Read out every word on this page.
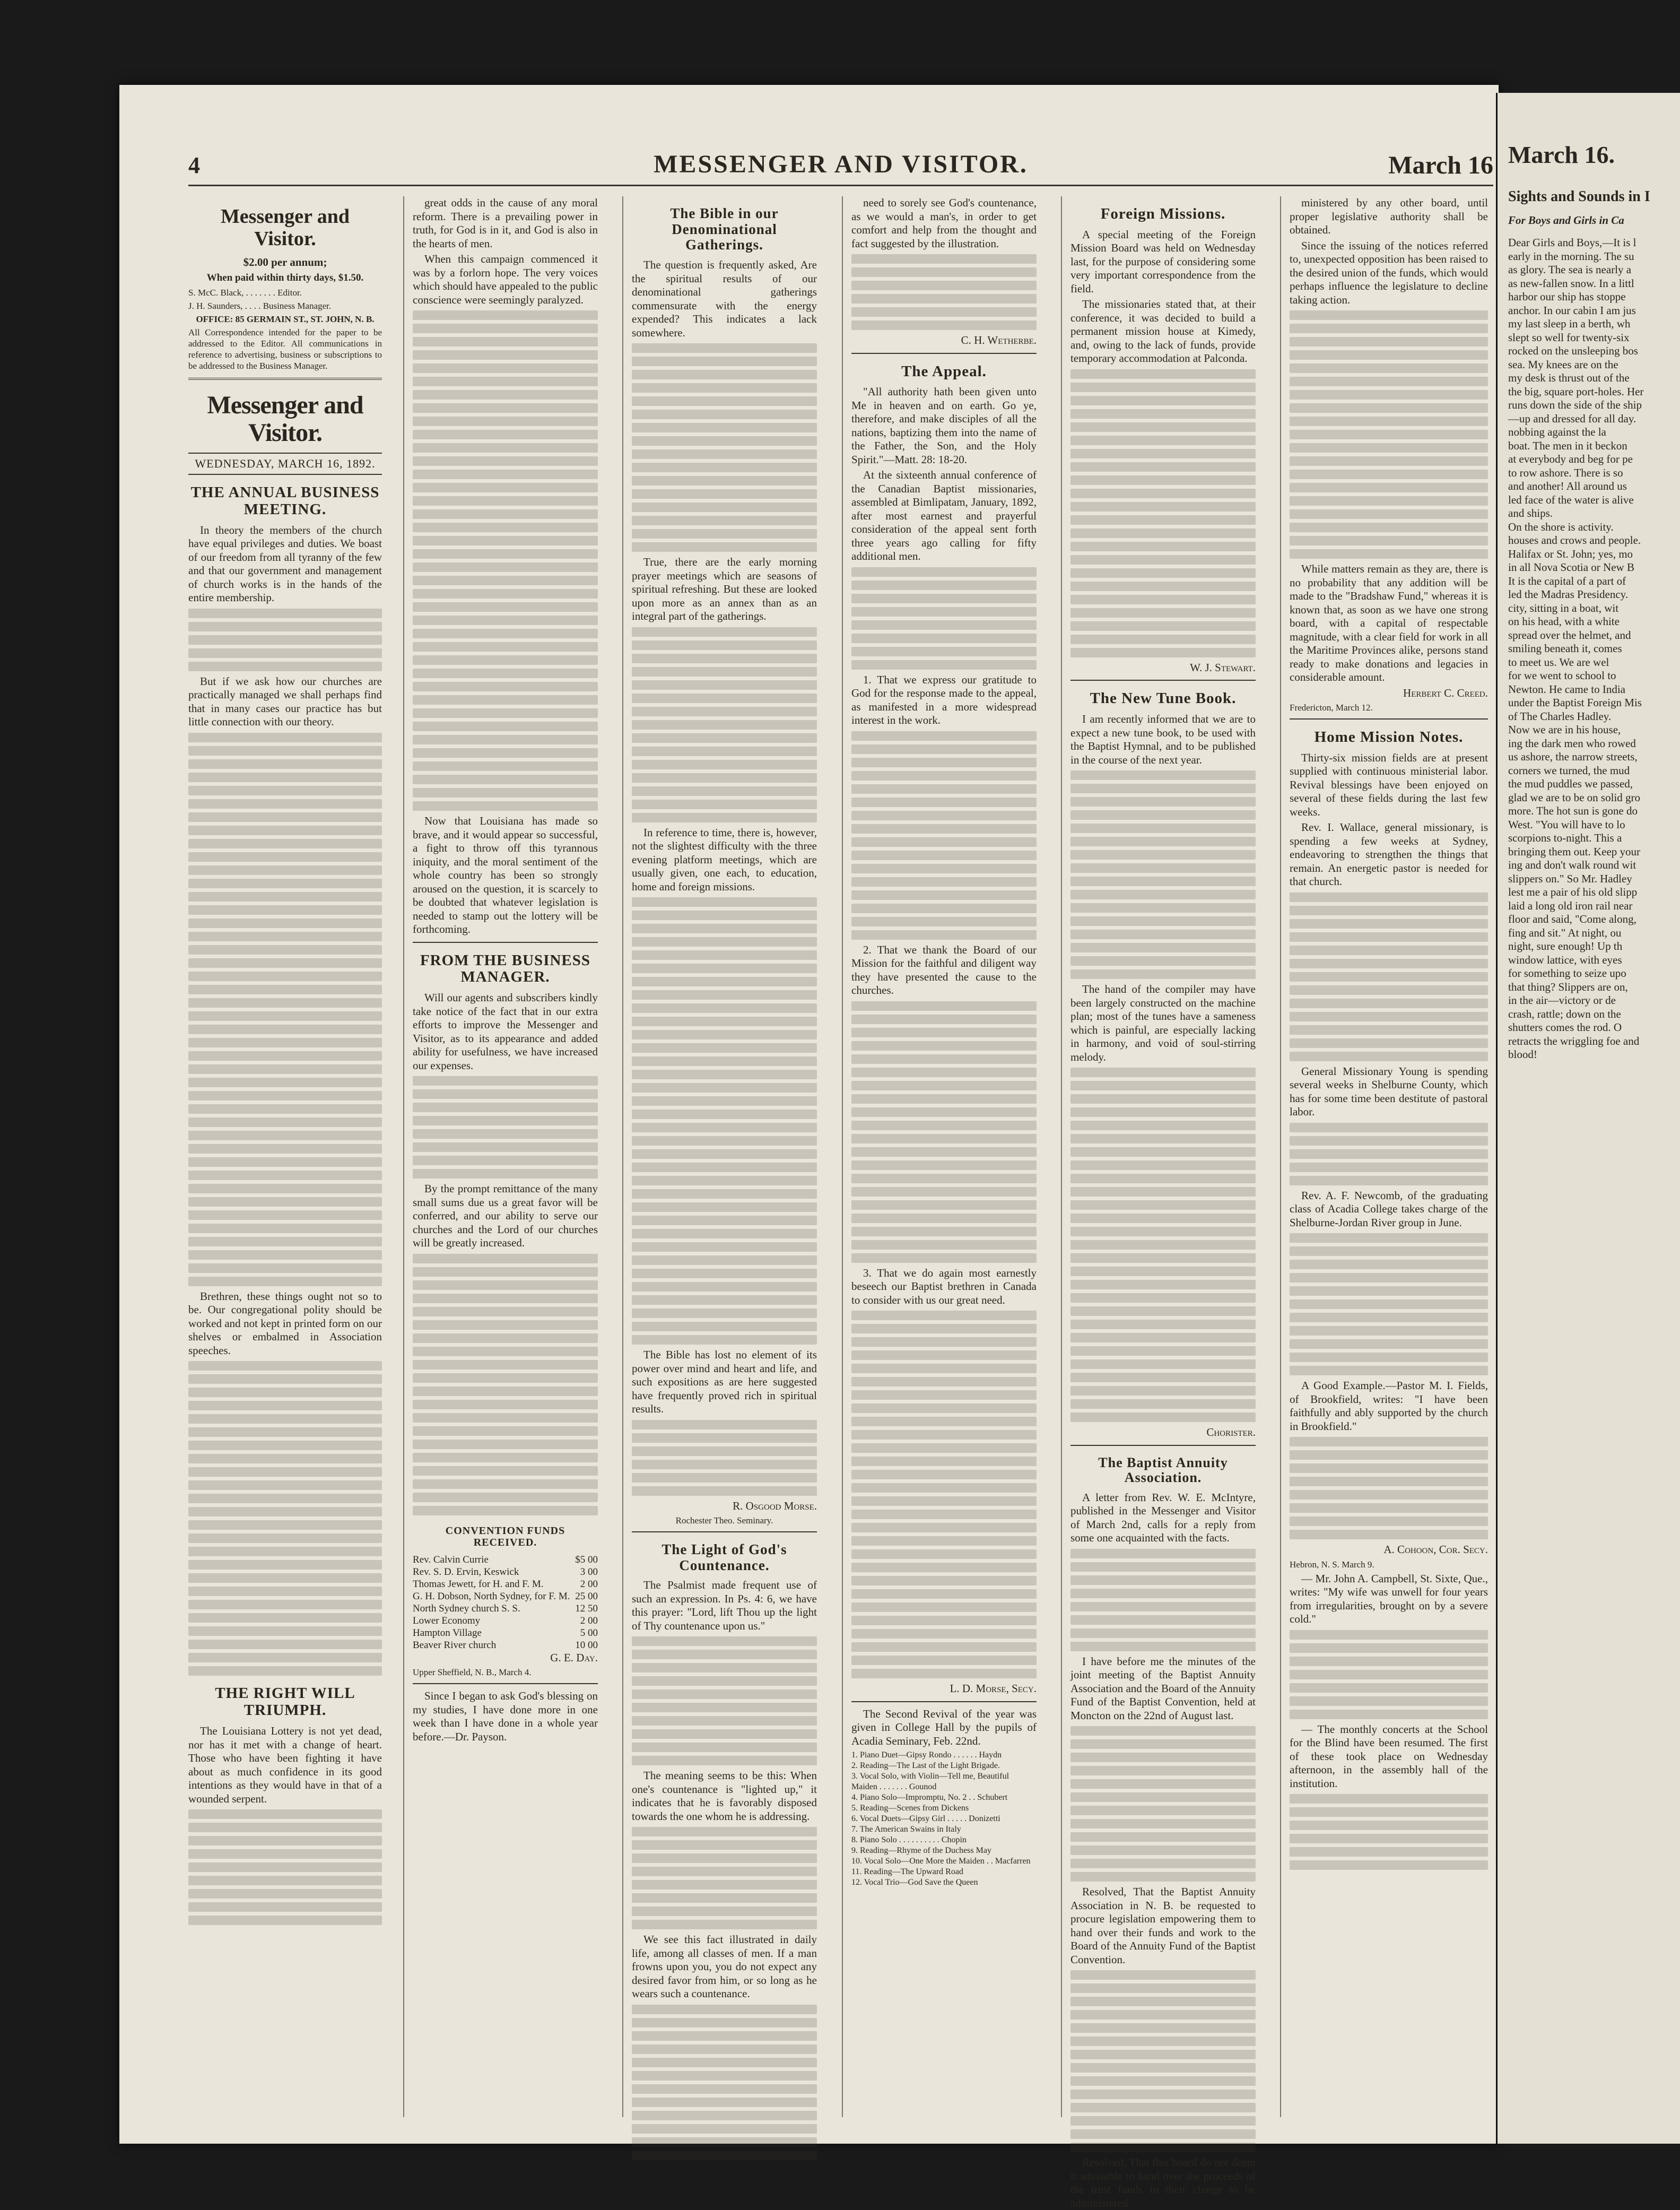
March 16.
Sights and Sounds in I
For Boys and Girls in Ca
Dear Girls and Boys,—It is l
early in the morning. The su
as glory. The sea is nearly a
as new-fallen snow. In a littl
harbor our ship has stoppe
anchor. In our cabin I am jus
my last sleep in a berth, wh
slept so well for twenty-six
rocked on the unsleeping bos
sea. My knees are on the
my desk is thrust out of the
the big, square port-holes. Her
runs down the side of the ship
—up and dressed for all day.
nobbing against the la
boat. The men in it beckon
at everybody and beg for pe
to row ashore. There is so
and another! All around us
led face of the water is alive
and ships.
On the shore is activity.
houses and crows and people.
Halifax or St. John; yes, mo
in all Nova Scotia or New B
It is the capital of a part of
led the Madras Presidency.
city, sitting in a boat, wit
on his head, with a white
spread over the helmet, and
smiling beneath it, comes
to meet us. We are wel
for we went to school to
Newton. He came to India
under the Baptist Foreign Mis
of The Charles Hadley.
Now we are in his house,
ing the dark men who rowed
us ashore, the narrow streets,
corners we turned, the mud
the mud puddles we passed,
glad we are to be on solid gro
more. The hot sun is gone do
West. "You will have to lo
scorpions to-night. This a
bringing them out. Keep your
ing and don't walk round wit
slippers on." So Mr. Hadley
lest me a pair of his old slipp
laid a long old iron rail near
floor and said, "Come along,
fing and sit." At night, ou
night, sure enough! Up th
window lattice, with eyes
for something to seize upo
that thing? Slippers are on,
in the air—victory or de
crash, rattle; down on the
shutters comes the rod. O
retracts the wriggling foe and
blood!
4	MESSENGER AND VISITOR.	March 16
Messenger and Visitor.

$2.00 per annum;

When paid within thirty days, $1.50.

S. McC. Black, . . . . . . . Editor.

J. H. Saunders, . . . . Business Manager.

OFFICE: 85 GERMAIN ST., ST. JOHN, N. B.

All Correspondence intended for the paper to be addressed to the Editor. All communications in reference to advertising, business or subscriptions to be addressed to the Business Manager.

Messenger and Visitor.
WEDNESDAY, MARCH 16, 1892.
THE ANNUAL BUSINESS MEETING.

In theory the members of the church have equal privileges and duties. We boast of our freedom from all tyranny of the few and that our government and management of church works is in the hands of the entire membership.

But if we ask how our churches are practically managed we shall perhaps find that in many cases our practice has but little connection with our theory.

Brethren, these things ought not so to be. Our congregational polity should be worked and not kept in printed form on our shelves or embalmed in Association speeches.

THE RIGHT WILL TRIUMPH.

The Louisiana Lottery is not yet dead, nor has it met with a change of heart. Those who have been fighting it have about as much confidence in its good intentions as they would have in that of a wounded serpent.

great odds in the cause of any moral reform. There is a prevailing power in truth, for God is in it, and God is also in the hearts of men.

When this campaign commenced it was by a forlorn hope. The very voices which should have appealed to the public conscience were seemingly paralyzed.

Now that Louisiana has made so brave, and it would appear so successful, a fight to throw off this tyrannous iniquity, and the moral sentiment of the whole country has been so strongly aroused on the question, it is scarcely to be doubted that whatever legislation is needed to stamp out the lottery will be forthcoming.

FROM THE BUSINESS MANAGER.

Will our agents and subscribers kindly take notice of the fact that in our extra efforts to improve the Messenger and Visitor, as to its appearance and added ability for usefulness, we have increased our expenses.

By the prompt remittance of the many small sums due us a great favor will be conferred, and our ability to serve our churches and the Lord of our churches will be greatly increased.

CONVENTION FUNDS RECEIVED.
Rev. Calvin Currie	$5 00
Rev. S. D. Ervin, Keswick	3 00
Thomas Jewett, for H. and F. M.	2 00
G. H. Dobson, North Sydney, for F. M. 25 00
North Sydney church S. S.	12 50
Lower Economy	2 00
Hampton Village	5 00
Beaver River church	10 00

G. E. Day.

Upper Sheffield, N. B., March 4.

Since I began to ask God's blessing on my studies, I have done more in one week than I have done in a whole year before.—Dr. Payson.

The Bible in our Denominational Gatherings.

The question is frequently asked, Are the spiritual results of our denominational gatherings commensurate with the energy expended? This indicates a lack somewhere.

True, there are the early morning prayer meetings which are seasons of spiritual refreshing. But these are looked upon more as an annex than as an integral part of the gatherings.

In reference to time, there is, however, not the slightest difficulty with the three evening platform meetings, which are usually given, one each, to education, home and foreign missions.

The Bible has lost no element of its power over mind and heart and life, and such expositions as are here suggested have frequently proved rich in spiritual results.

R. Osgood Morse.

Rochester Theo. Seminary.

The Light of God's Countenance.

The Psalmist made frequent use of such an expression. In Ps. 4: 6, we have this prayer: "Lord, lift Thou up the light of Thy countenance upon us."

The meaning seems to be this: When one's countenance is "lighted up," it indicates that he is favorably disposed towards the one whom he is addressing.

We see this fact illustrated in daily life, among all classes of men. If a man frowns upon you, you do not expect any desired favor from him, or so long as he wears such a countenance.

need to sorely see God's countenance, as we would a man's, in order to get comfort and help from the thought and fact suggested by the illustration.

C. H. Wetherbe.

The Appeal.

"All authority hath been given unto Me in heaven and on earth. Go ye, therefore, and make disciples of all the nations, baptizing them into the name of the Father, the Son, and the Holy Spirit."—Matt. 28: 18-20.

At the sixteenth annual conference of the Canadian Baptist missionaries, assembled at Bimlipatam, January, 1892, after most earnest and prayerful consideration of the appeal sent forth three years ago calling for fifty additional men.

1. That we express our gratitude to God for the response made to the appeal, as manifested in a more widespread interest in the work.

2. That we thank the Board of our Mission for the faithful and diligent way they have presented the cause to the churches.

3. That we do again most earnestly beseech our Baptist brethren in Canada to consider with us our great need.

L. D. Morse, Secy.

The Second Revival of the year was given in College Hall by the pupils of Acadia Seminary, Feb. 22nd.

1. Piano Duet—Gipsy Rondo . . . . . . Haydn
2. Reading—The Last of the Light Brigade.
3. Vocal Solo, with Violin—Tell me, Beautiful Maiden . . . . . . . Gounod
4. Piano Solo—Impromptu, No. 2 . . Schubert
5. Reading—Scenes from Dickens
6. Vocal Duets—Gipsy Girl . . . . . Donizetti
7. The American Swains in Italy
8. Piano Solo . . . . . . . . . . Chopin
9. Reading—Rhyme of the Duchess May
10. Vocal Solo—One More the Maiden . . Macfarren
11. Reading—The Upward Road
12. Vocal Trio—God Save the Queen
Foreign Missions.

A special meeting of the Foreign Mission Board was held on Wednesday last, for the purpose of considering some very important correspondence from the field.

The missionaries stated that, at their conference, it was decided to build a permanent mission house at Kimedy, and, owing to the lack of funds, provide temporary accommodation at Palconda.

W. J. Stewart.

The New Tune Book.

I am recently informed that we are to expect a new tune book, to be used with the Baptist Hymnal, and to be published in the course of the next year.

The hand of the compiler may have been largely constructed on the machine plan; most of the tunes have a sameness which is painful, are especially lacking in harmony, and void of soul-stirring melody.

Chorister.

The Baptist Annuity Association.

A letter from Rev. W. E. McIntyre, published in the Messenger and Visitor of March 2nd, calls for a reply from some one acquainted with the facts.

I have before me the minutes of the joint meeting of the Baptist Annuity Association and the Board of the Annuity Fund of the Baptist Convention, held at Moncton on the 22nd of August last.

Resolved, That the Baptist Annuity Association in N. B. be requested to procure legislation empowering them to hand over their funds and work to the Board of the Annuity Fund of the Baptist Convention.

Resolved, That this board do not deem it advisable to hand over the proceeds of the trust funds in their charge to be administered.

ministered by any other board, until proper legislative authority shall be obtained.

Since the issuing of the notices referred to, unexpected opposition has been raised to the desired union of the funds, which would perhaps influence the legislature to decline taking action.

While matters remain as they are, there is no probability that any addition will be made to the "Bradshaw Fund," whereas it is known that, as soon as we have one strong board, with a capital of respectable magnitude, with a clear field for work in all the Maritime Provinces alike, persons stand ready to make donations and legacies in considerable amount.

Herbert C. Creed.

Fredericton, March 12.

Home Mission Notes.

Thirty-six mission fields are at present supplied with continuous ministerial labor. Revival blessings have been enjoyed on several of these fields during the last few weeks.

Rev. I. Wallace, general missionary, is spending a few weeks at Sydney, endeavoring to strengthen the things that remain. An energetic pastor is needed for that church.

General Missionary Young is spending several weeks in Shelburne County, which has for some time been destitute of pastoral labor.

Rev. A. F. Newcomb, of the graduating class of Acadia College takes charge of the Shelburne-Jordan River group in June.

A Good Example.—Pastor M. I. Fields, of Brookfield, writes: "I have been faithfully and ably supported by the church in Brookfield."

A. Cohoon, Cor. Secy.

Hebron, N. S. March 9.

— Mr. John A. Campbell, St. Sixte, Que., writes: "My wife was unwell for four years from irregularities, brought on by a severe cold."

— The monthly concerts at the School for the Blind have been resumed. The first of these took place on Wednesday afternoon, in the assembly hall of the institution.
